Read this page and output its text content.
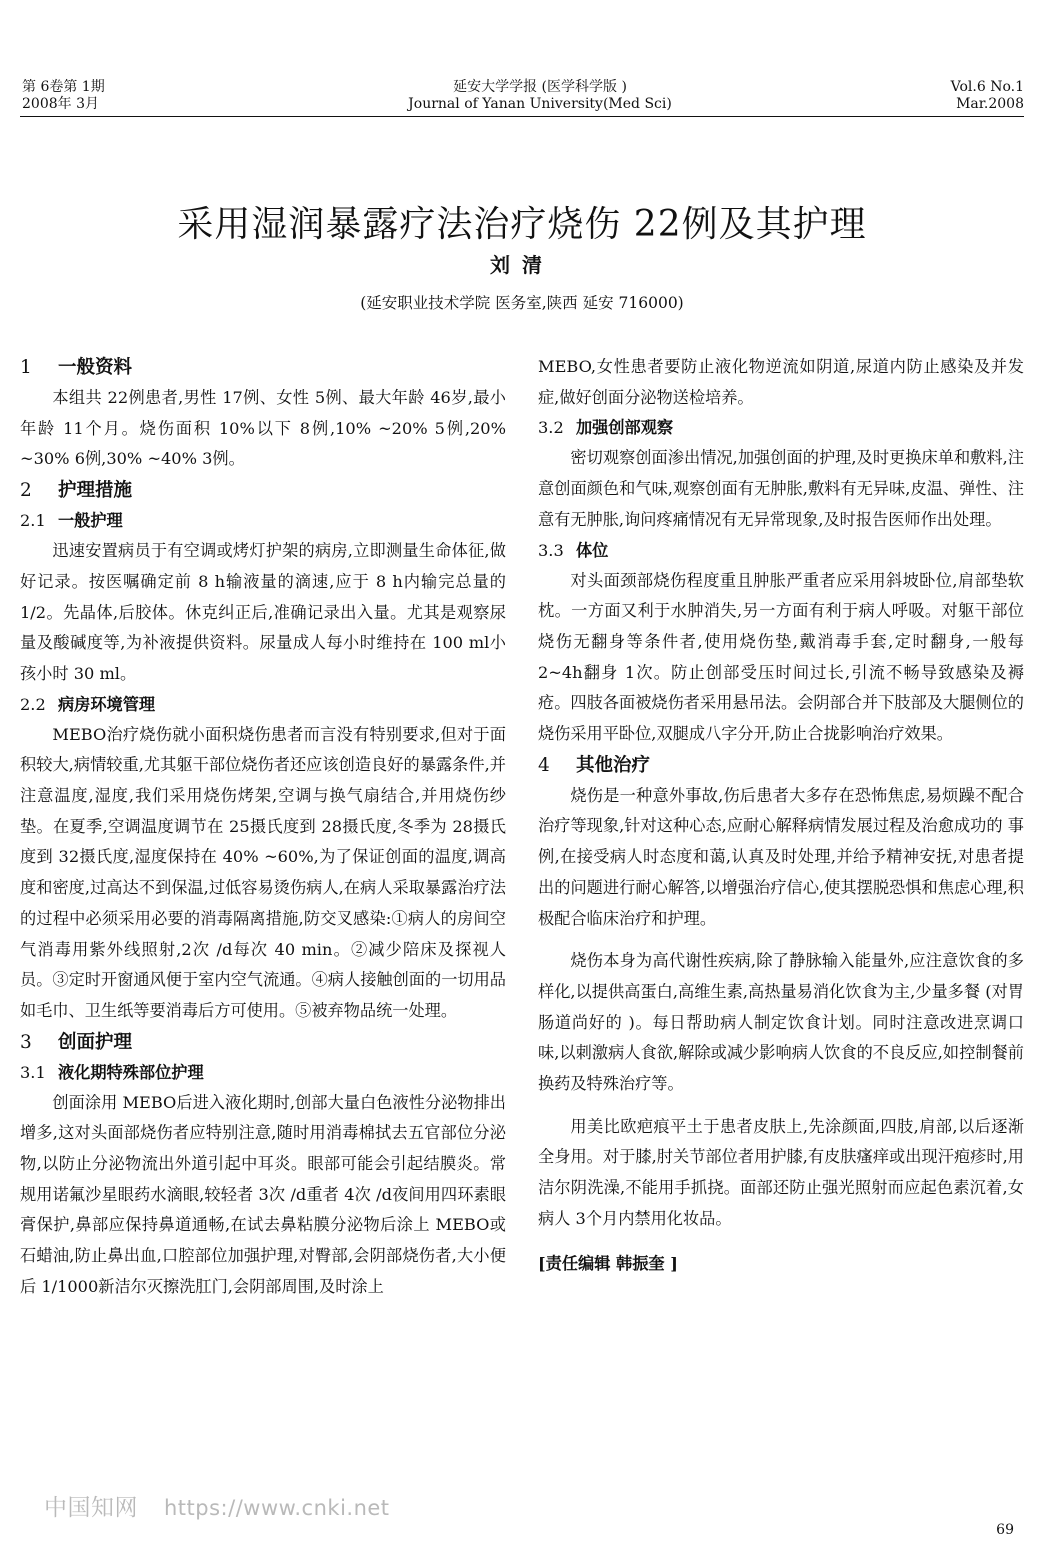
第 6卷第 1期
2008年 3月
延安大学学报 (医学科学版 )
Journal of Yanan University(Med Sci)
Vol.6 No.1
Mar.2008
采用湿润暴露疗法治疗烧伤 22例及其护理
刘清
(延安职业技术学院 医务室,陕西 延安 716000)
1 一般资料

本组共 22例患者,男性 17例、女性 5例、最大年龄 46岁,最小年龄 11个月。烧伤面积 10%以下 8例,10% ~20% 5例,20% ~30% 6例,30% ~40% 3例。

2 护理措施
2.1 一般护理

迅速安置病员于有空调或烤灯护架的病房,立即测量生命体征,做好记录。按医嘱确定前 8 h输液量的滴速,应于 8 h内输完总量的 1/2。先晶体,后胶体。休克纠正后,准确记录出入量。尤其是观察尿量及酸碱度等,为补液提供资料。尿量成人每小时维持在 100 ml小孩小时 30 ml。

2.2 病房环境管理

MEBO治疗烧伤就小面积烧伤患者而言没有特别要求,但对于面积较大,病情较重,尤其躯干部位烧伤者还应该创造良好的暴露条件,并注意温度,湿度,我们采用烧伤烤架,空调与换气扇结合,并用烧伤纱垫。在夏季,空调温度调节在 25摄氏度到 28摄氏度,冬季为 28摄氏度到 32摄氏度,湿度保持在 40% ~60%,为了保证创面的温度,调高度和密度,过高达不到保温,过低容易烫伤病人,在病人采取暴露治疗法的过程中必须采用必要的消毒隔离措施,防交叉感染:①病人的房间空气消毒用紫外线照射,2次 /d每次 40 min。②减少陪床及探视人员。③定时开窗通风便于室内空气流通。④病人接触创面的一切用品如毛巾、卫生纸等要消毒后方可使用。⑤被弃物品统一处理。

3 创面护理
3.1 液化期特殊部位护理

创面涂用 MEBO后进入液化期时,创部大量白色液性分泌物排出增多,这对头面部烧伤者应特别注意,随时用消毒棉拭去五官部位分泌物,以防止分泌物流出外道引起中耳炎。眼部可能会引起结膜炎。常规用诺氟沙星眼药水滴眼,较轻者 3次 /d重者 4次 /d夜间用四环素眼膏保护,鼻部应保持鼻道通畅,在试去鼻粘膜分泌物后涂上 MEBO或石蜡油,防止鼻出血,口腔部位加强护理,对臀部,会阴部烧伤者,大小便后 1/1000新洁尔灭擦洗肛门,会阴部周围,及时涂上

MEBO,女性患者要防止液化物逆流如阴道,尿道内防止感染及并发症,做好创面分泌物送检培养。

3.2 加强创部观察

密切观察创面渗出情况,加强创面的护理,及时更换床单和敷料,注意创面颜色和气味,观察创面有无肿胀,敷料有无异味,皮温、弹性、注意有无肿胀,询问疼痛情况有无异常现象,及时报告医师作出处理。

3.3 体位

对头面颈部烧伤程度重且肿胀严重者应采用斜坡卧位,肩部垫软枕。一方面又利于水肿消失,另一方面有利于病人呼吸。对躯干部位烧伤无翻身等条件者,使用烧伤垫,戴消毒手套,定时翻身,一般每 2~4h翻身 1次。防止创部受压时间过长,引流不畅导致感染及褥疮。四肢各面被烧伤者采用悬吊法。会阴部合并下肢部及大腿侧位的烧伤采用平卧位,双腿成八字分开,防止合拢影响治疗效果。

4 其他治疗

烧伤是一种意外事故,伤后患者大多存在恐怖焦虑,易烦躁不配合治疗等现象,针对这种心态,应耐心解释病情发展过程及治愈成功的 事例,在接受病人时态度和蔼,认真及时处理,并给予精神安抚,对患者提出的问题进行耐心解答,以增强治疗信心,使其摆脱恐惧和焦虑心理,积极配合临床治疗和护理。

烧伤本身为高代谢性疾病,除了静脉输入能量外,应注意饮食的多样化,以提供高蛋白,高维生素,高热量易消化饮食为主,少量多餐 (对胃肠道尚好的 )。每日帮助病人制定饮食计划。同时注意改进烹调口味,以刺激病人食欲,解除或减少影响病人饮食的不良反应,如控制餐前换药及特殊治疗等。

用美比欧疤痕平土于患者皮肤上,先涂颜面,四肢,肩部,以后逐渐全身用。对于膝,肘关节部位者用护膝,有皮肤瘙痒或出现汗疱疹时,用洁尔阴洗澡,不能用手抓挠。面部还防止强光照射而应起色素沉着,女病人 3个月内禁用化妆品。

[责任编辑 韩振奎 ]

中国知网 https://www.cnki.net
69
